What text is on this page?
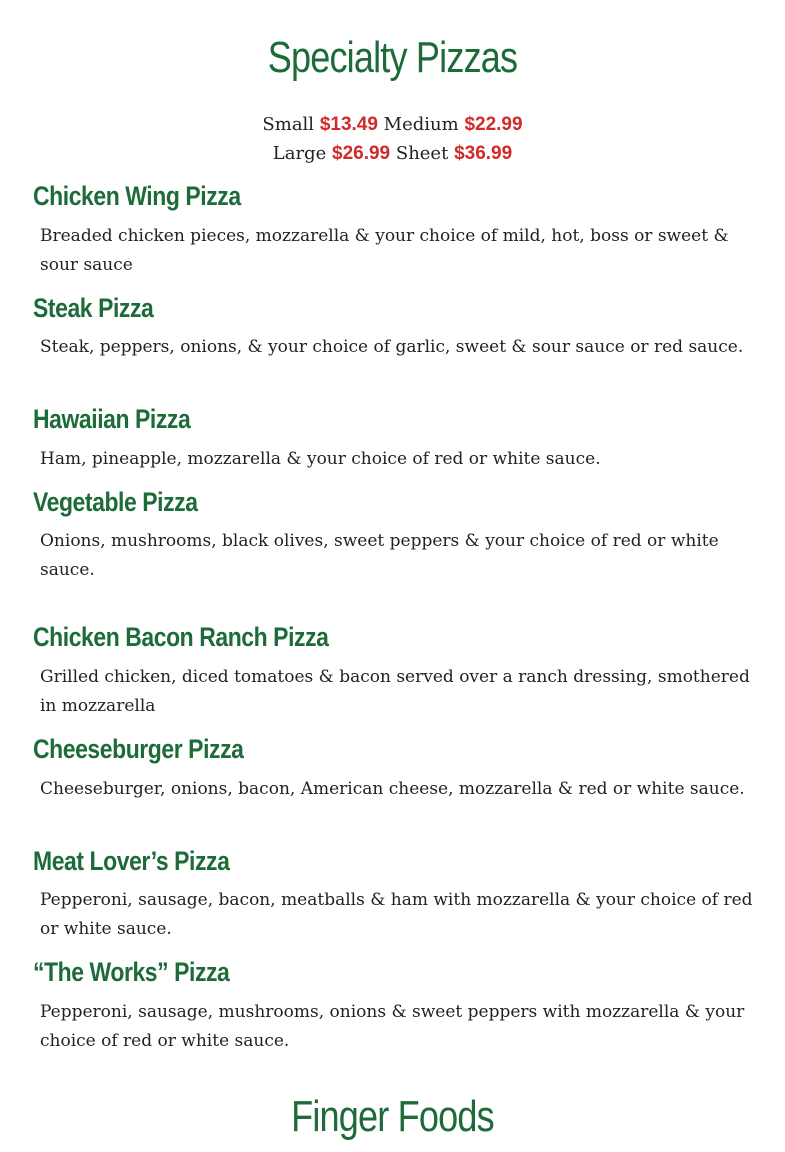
Specialty Pizzas
Small $13.49 Medium $22.99
Large $26.99 Sheet $36.99
Chicken Wing Pizza

Breaded chicken pieces, mozzarella & your choice of mild, hot, boss or sweet & sour sauce

Steak Pizza

Steak, peppers, onions, & your choice of garlic, sweet & sour sauce or red sauce.

Hawaiian Pizza

Ham, pineapple, mozzarella & your choice of red or white sauce.

Vegetable Pizza

Onions, mushrooms, black olives, sweet peppers & your choice of red or white sauce.

Chicken Bacon Ranch Pizza

Grilled chicken, diced tomatoes & bacon served over a ranch dressing, smothered in mozzarella

Cheeseburger Pizza

Cheeseburger, onions, bacon, American cheese, mozzarella & red or white sauce.

Meat Lover’s Pizza

Pepperoni, sausage, bacon, meatballs & ham with mozzarella & your choice of red or white sauce.

“The Works” Pizza

Pepperoni, sausage, mushrooms, onions & sweet peppers with mozzarella & your choice of red or white sauce.

Finger Foods
